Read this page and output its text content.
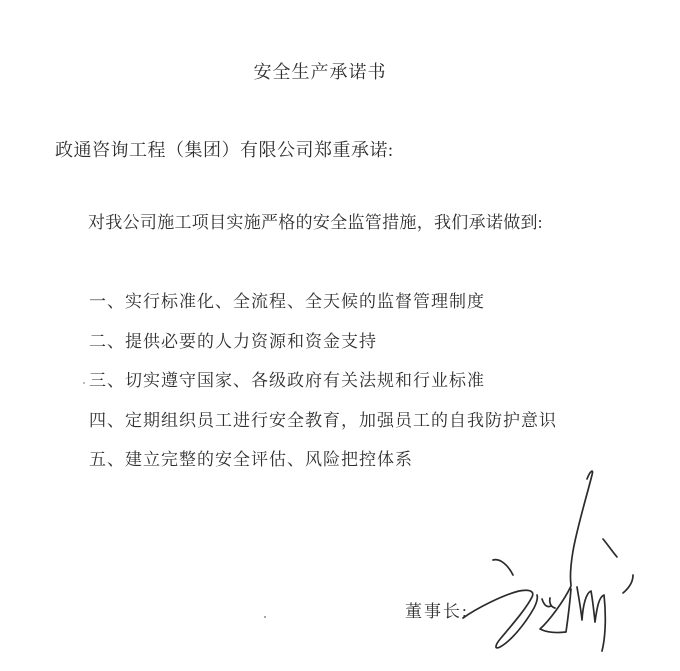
安全生产承诺书
政通咨询工程（集团）有限公司郑重承诺:
对我公司施工项目实施严格的安全监管措施，我们承诺做到:
一、实行标准化、全流程、全天候的监督管理制度
二、提供必要的人力资源和资金支持
三、切实遵守国家、各级政府有关法规和行业标准
四、定期组织员工进行安全教育，加强员工的自我防护意识
五、建立完整的安全评估、风险把控体系
董事长:
